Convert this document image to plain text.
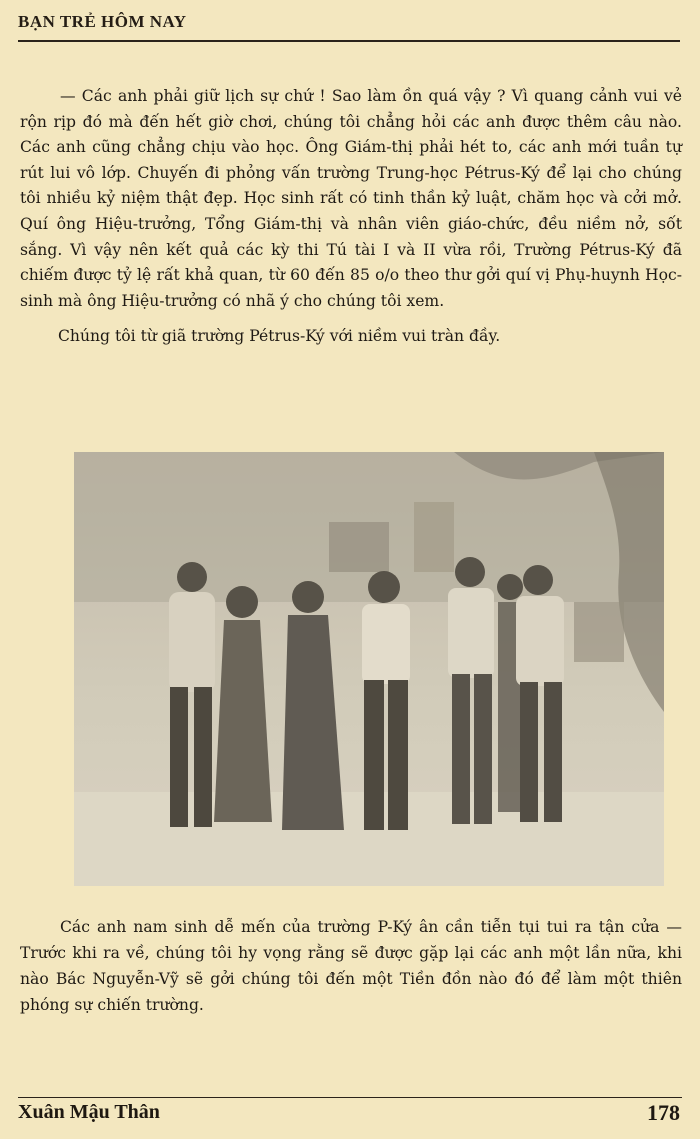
BẠN TRẺ HÔM NAY

— Các anh phải giữ lịch sự chứ ! Sao làm ồn quá vậy ? Vì quang cảnh vui vẻ rộn rịp đó mà đến hết giờ chơi, chúng tôi chẳng hỏi các anh được thêm câu nào. Các anh cũng chẳng chịu vào học. Ông Giám-thị phải hét to, các anh mới tuần tự rút lui vô lớp. Chuyến đi phỏng vấn trường Trung-học Pétrus-Ký để lại cho chúng tôi nhiều kỷ niệm thật đẹp. Học sinh rất có tinh thần kỷ luật, chăm học và cởi mở. Quí ông Hiệu-trưởng, Tổng Giám-thị và nhân viên giáo-chức, đều niềm nở, sốt sắng. Vì vậy nên kết quả các kỳ thi Tú tài I và II vừa rồi, Trường Pétrus-Ký đã chiếm được tỷ lệ rất khả quan, từ 60 đến 85 o/o theo thư gởi quí vị Phụ-huynh Học-sinh mà ông Hiệu-trưởng có nhã ý cho chúng tôi xem.

Chúng tôi từ giã trường Pétrus-Ký với niềm vui tràn đầy.

Các anh nam sinh dễ mến của trường P-Ký ân cần tiễn tụi tui ra tận cửa — Trước khi ra về, chúng tôi hy vọng rằng sẽ được gặp lại các anh một lần nữa, khi nào Bác Nguyễn-Vỹ sẽ gởi chúng tôi đến một Tiền đồn nào đó để làm một thiên phóng sự chiến trường.

Xuân Mậu Thân	178
